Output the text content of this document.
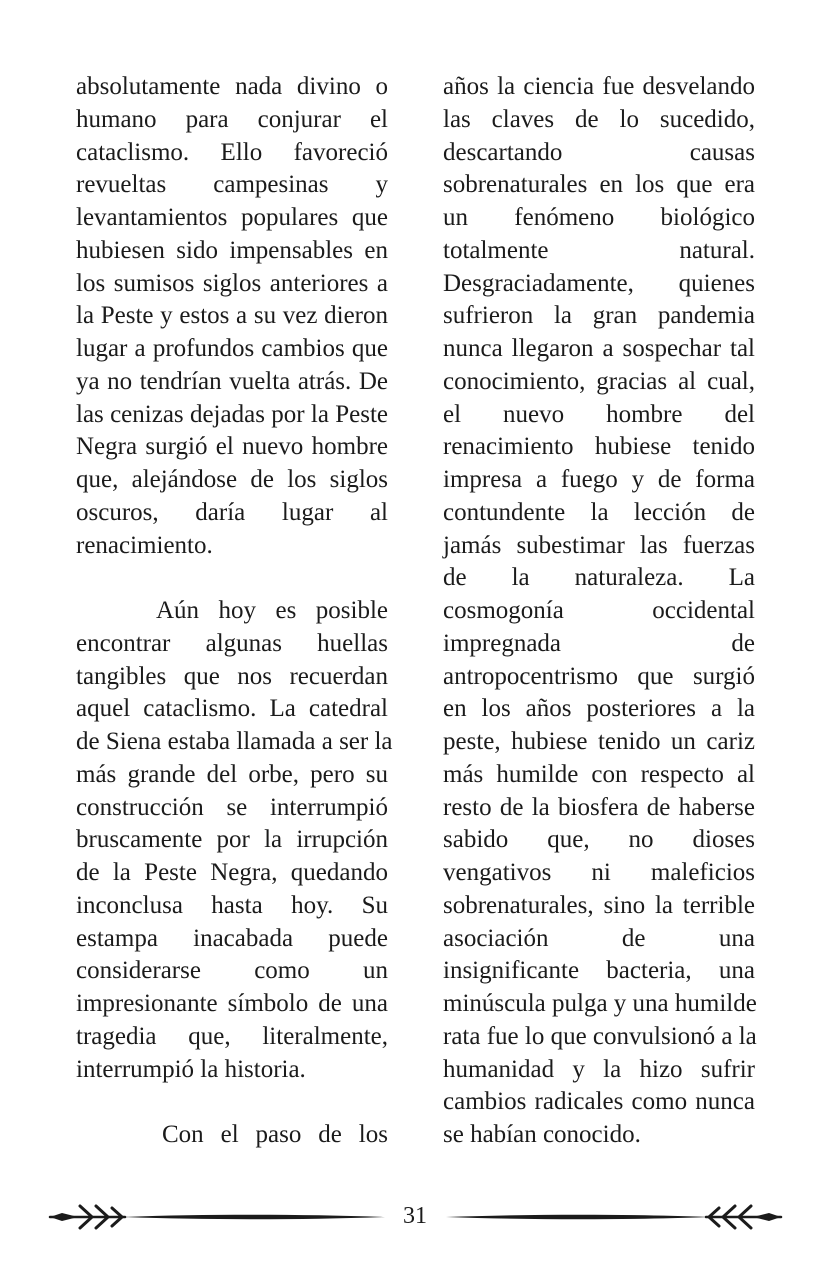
absolutamente nada divino o
humano para conjurar el
cataclismo. Ello favoreció
revueltas campesinas y
levantamientos populares que
hubiesen sido impensables en
los sumisos siglos anteriores a
la Peste y estos a su vez dieron
lugar a profundos cambios que
ya no tendrían vuelta atrás. De
las cenizas dejadas por la Peste
Negra surgió el nuevo hombre
que, alejándose de los siglos
oscuros, daría lugar al
renacimiento.
Aún hoy es posible
encontrar algunas huellas
tangibles que nos recuerdan
aquel cataclismo. La catedral
de Siena estaba llamada a ser la
más grande del orbe, pero su
construcción se interrumpió
bruscamente por la irrupción
de la Peste Negra, quedando
inconclusa hasta hoy. Su
estampa inacabada puede
considerarse como un
impresionante símbolo de una
tragedia que, literalmente,
interrumpió la historia.
Con el paso de los
años la ciencia fue desvelando
las claves de lo sucedido,
descartando causas
sobrenaturales en los que era
un fenómeno biológico
totalmente natural.
Desgraciadamente, quienes
sufrieron la gran pandemia
nunca llegaron a sospechar tal
conocimiento, gracias al cual,
el nuevo hombre del
renacimiento hubiese tenido
impresa a fuego y de forma
contundente la lección de
jamás subestimar las fuerzas
de la naturaleza. La
cosmogonía occidental
impregnada de
antropocentrismo que surgió
en los años posteriores a la
peste, hubiese tenido un cariz
más humilde con respecto al
resto de la biosfera de haberse
sabido que, no dioses
vengativos ni maleficios
sobrenaturales, sino la terrible
asociación de una
insignificante bacteria, una
minúscula pulga y una humilde
rata fue lo que convulsionó a la
humanidad y la hizo sufrir
cambios radicales como nunca
se habían conocido.
31
